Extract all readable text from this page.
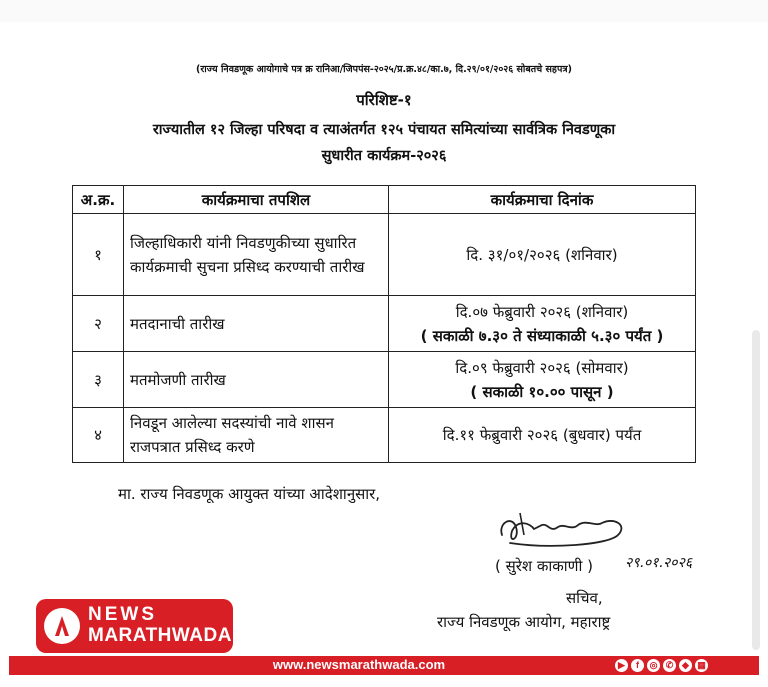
(राज्य निवडणूक आयोगाचे पत्र क्र रानिआ/जिपपंस-२०२५/प्र.क्र.४८/का.७, दि.२९/०१/२०२६ सोबतचे सहपत्र)
परिशिष्ट-१
राज्यातील १२ जिल्हा परिषदा व त्याअंतर्गत १२५ पंचायत समित्यांच्या सार्वत्रिक निवडणूका
सुधारीत कार्यक्रम-२०२६
अ.क्र.	कार्यक्रमाचा तपशिल	कार्यक्रमाचा दिनांक
१	जिल्हाधिकारी यांनी निवडणुकीच्या सुधारित कार्यक्रमाची सुचना प्रसिध्द करण्याची तारीख	दि. ३१/०१/२०२६ (शनिवार)

२	मतदानाची तारीख	दि.०७ फेब्रुवारी २०२६ (शनिवार)
( सकाळी ७.३० ते संध्याकाळी ५.३० पर्यंत )

३	मतमोजणी तारीख	दि.०९ फेब्रुवारी २०२६ (सोमवार)
( सकाळी १०.०० पासून )

४	निवडून आलेल्या सदस्यांची नावे शासन राजपत्रात प्रसिध्द करणे	दि.११ फेब्रुवारी २०२६ (बुधवार) पर्यंत
मा. राज्य निवडणूक आयुक्त यांच्या आदेशानुसार,
२९.०१.२०२६
( सुरेश काकाणी )
सचिव,
राज्य निवडणूक आयोग, महाराष्ट्र
NEWS
MARATHWADA
www.newsmarathwada.com	▶	f	◎ ✆ ◆ ▦
